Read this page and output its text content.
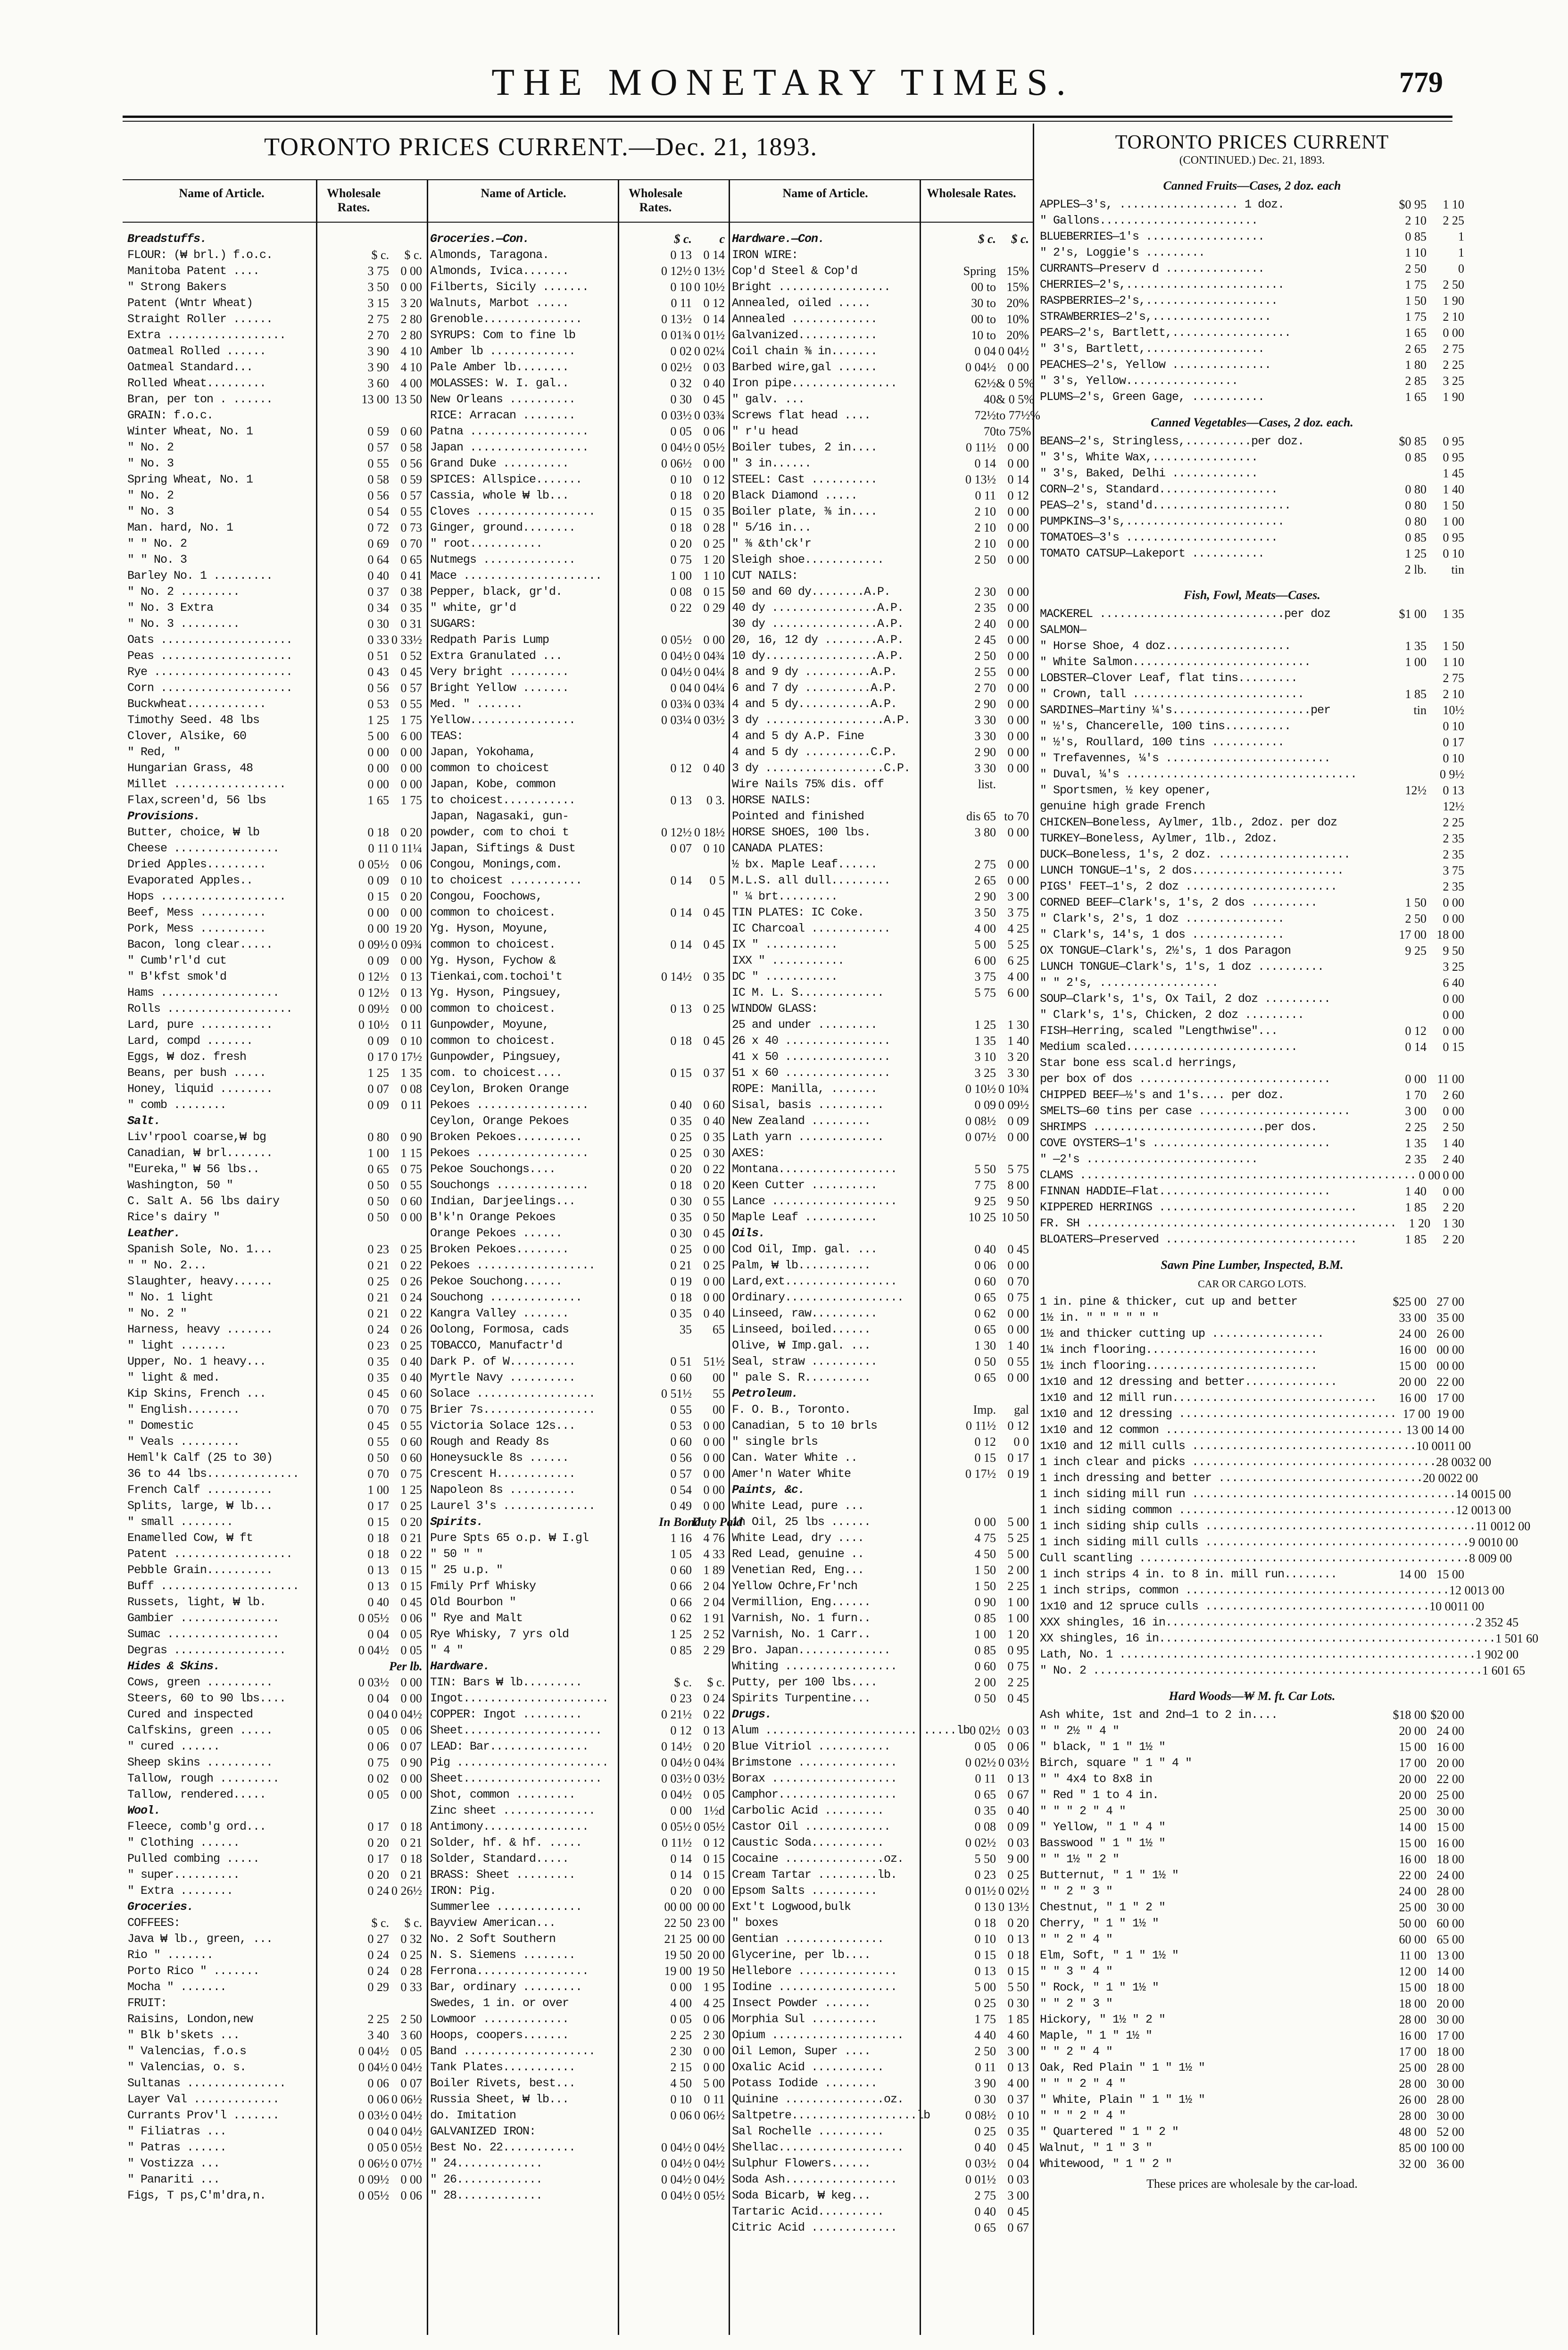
THE MONETARY TIMES.	779
TORONTO PRICES CURRENT.—Dec. 21, 1893.
Name of Article.	Wholesale Rates.
Name of Article.	Wholesale Rates.
Name of Article.	Wholesale Rates.
Breadstuffs.
FLOUR: (₩ brl.) f.o.c.	$ c.	$ c.
Manitoba Patent ....	3 75 0 00
" Strong Bakers	3 50 0 00
Patent (Wntr Wheat)	3 15 3 20
Straight Roller ......	2 75 2 80
Extra ..................	2 70 2 80
Oatmeal Rolled ......	3 90 4 10
Oatmeal Standard...	3 90 4 10
Rolled Wheat.........	3 60 4 00
Bran, per ton . ......	13 00 13 50
GRAIN: f.o.c.
Winter Wheat, No. 1	0 59 0 60
" No. 2	0 57 0 58
" No. 3	0 55 0 56
Spring Wheat, No. 1	0 58 0 59
" No. 2	0 56 0 57
" No. 3	0 54 0 55
Man. hard, No. 1	0 72 0 73
" " No. 2	0 69 0 70
" " No. 3	0 64 0 65
Barley No. 1 .........	0 40 0 41
" No. 2 .........	0 37 0 38
" No. 3 Extra	0 34 0 35
" No. 3 .........	0 30 0 31
Oats ....................	0 33 0 33½
Peas ....................	0 51 0 52
Rye .....................	0 43 0 45
Corn ....................	0 56 0 57
Buckwheat............	0 53 0 55
Timothy Seed. 48 lbs	1 25 1 75
Clover, Alsike, 60	5 00 6 00
" Red, "	0 00 0 00
Hungarian Grass, 48	0 00 0 00
Millet .................	0 00 0 00
Flax,screen'd, 56 lbs	1 65 1 75
Provisions.
Butter, choice, ₩ lb	0 18 0 20
Cheese ................	0 11 0 11¼
Dried Apples.........	0 05½ 0 06
Evaporated Apples..	0 09 0 10
Hops ...................	0 15 0 20
Beef, Mess ..........	0 00 0 00
Pork, Mess ..........	0 00 19 20
Bacon, long clear.....	0 09½ 0 09¾
" Cumb'rl'd cut	0 09 0 00
" B'kfst smok'd	0 12½ 0 13
Hams ..................	0 12½ 0 13
Rolls ...................	0 09½ 0 00
Lard, pure ...........	0 10½ 0 11
Lard, compd .......	0 09 0 10
Eggs, ₩ doz. fresh	0 17 0 17½
Beans, per bush .....	1 25 1 35
Honey, liquid ........	0 07 0 08
" comb ........	0 09 0 11
Salt.
Liv'rpool coarse,₩ bg	0 80 0 90
Canadian, ₩ brl.......	1 00 1 15
"Eureka," ₩ 56 lbs..	0 65 0 75
Washington, 50 "	0 50 0 55
C. Salt A. 56 lbs dairy	0 50 0 60
Rice's dairy "	0 50 0 00
Leather.
Spanish Sole, No. 1...	0 23 0 25
" " No. 2...	0 21 0 22
Slaughter, heavy......	0 25 0 26
" No. 1 light	0 21 0 24
" No. 2 "	0 21 0 22
Harness, heavy .......	0 24 0 26
" light .......	0 23 0 25
Upper, No. 1 heavy...	0 35 0 40
" light & med.	0 35 0 40
Kip Skins, French ...	0 45 0 60
" English........	0 70 0 75
" Domestic	0 45 0 55
" Veals .........	0 55 0 60
Heml'k Calf (25 to 30)	0 50 0 60
36 to 44 lbs..............	0 70 0 75
French Calf ..........	1 00 1 25
Splits, large, ₩ lb...	0 17 0 25
" small ........	0 15 0 20
Enamelled Cow, ₩ ft	0 18 0 21
Patent ..................	0 18 0 22
Pebble Grain..........	0 13 0 15
Buff .....................	0 13 0 15
Russets, light, ₩ lb.	0 40 0 45
Gambier ...............	0 05½ 0 06
Sumac .................	0 04 0 05
Degras .................	0 04½ 0 05
Hides & Skins.	Per lb.
Cows, green ..........	0 03½ 0 00
Steers, 60 to 90 lbs....	0 04 0 00
Cured and inspected	0 04 0 04½
Calfskins, green .....	0 05 0 06
" cured ......	0 06 0 07
Sheep skins ..........	0 75 0 90
Tallow, rough .........	0 02 0 00
Tallow, rendered.....	0 05 0 00
Wool.
Fleece, comb'g ord...	0 17 0 18
" Clothing ......	0 20 0 21
Pulled combing .....	0 17 0 18
" super..........	0 20 0 21
" Extra ........	0 24 0 26½
Groceries.
COFFEES:	$ c.	$ c.
Java ₩ lb., green, ...	0 27 0 32
Rio " .......	0 24 0 25
Porto Rico " .......	0 24 0 28
Mocha " .......	0 29 0 33
FRUIT:
Raisins, London,new	2 25 2 50
" Blk b'skets ...	3 40 3 60
" Valencias, f.o.s	0 04½ 0 05
" Valencias, o. s.	0 04½ 0 04½
Sultanas ...............	0 06 0 07
Layer Val .............	0 06 0 06½
Currants Prov'l .......	0 03½ 0 04½
" Filiatras ...	0 04 0 04½
" Patras ......	0 05 0 05½
" Vostizza ...	0 06½ 0 07½
" Panariti ...	0 09½ 0 00
Figs, T ps,C'm'dra,n.	0 05½ 0 06
Groceries.—Con.	$ c.	c
Almonds, Taragona.	0 13 0 14
Almonds, Ivica.......	0 12½ 0 13½
Filberts, Sicily .......	0 10 0 10½
Walnuts, Marbot .....	0 11 0 12
Grenoble...............	0 13½ 0 14
SYRUPS: Com to fine lb	0 01¾ 0 01½
Amber lb .............	0 02 0 02¼
Pale Amber lb........	0 02½ 0 03
MOLASSES: W. I. gal..	0 32 0 40
New Orleans ..........	0 30 0 45
RICE: Arracan ........	0 03½ 0 03¾
Patna ..................	0 05 0 06
Japan ..................	0 04½ 0 05½
Grand Duke ..........	0 06½ 0 00
SPICES: Allspice.......	0 10 0 12
Cassia, whole ₩ lb...	0 18 0 20
Cloves ..................	0 15 0 35
Ginger, ground........	0 18 0 28
" root...........	0 20 0 25
Nutmegs ..............	0 75 1 20
Mace .....................	1 00 1 10
Pepper, black, gr'd.	0 08 0 15
" white, gr'd	0 22 0 29
SUGARS:
Redpath Paris Lump	0 05½ 0 00
Extra Granulated ...	0 04½ 0 04¾
Very bright .........	0 04½ 0 04¼
Bright Yellow .......	0 04 0 04¼
Med. " .......	0 03¾ 0 03¾
Yellow................	0 03¼ 0 03½
TEAS:
Japan, Yokohama,
common to choicest	0 12 0 40
Japan, Kobe, common
to choicest...........	0 13	0 3.
Japan, Nagasaki, gun-
powder, com to choi t	0 12½ 0 18½
Japan, Siftings & Dust	0 07 0 10
Congou, Monings,com.
to choicest ...........	0 14	0 5
Congou, Foochows,
common to choicest.	0 14 0 45
Yg. Hyson, Moyune,
common to choicest.	0 14 0 45
Yg. Hyson, Fychow &
Tienkai,com.tochoi't	0 14½ 0 35
Yg. Hyson, Pingsuey,
common to choicest.	0 13 0 25
Gunpowder, Moyune,
common to choicest.	0 18 0 45
Gunpowder, Pingsuey,
com. to choicest....	0 15 0 37
Ceylon, Broken Orange
Pekoes .................	0 40 0 60
Ceylon, Orange Pekoes	0 35 0 40
Broken Pekoes..........	0 25 0 35
Pekoes .................	0 25 0 30
Pekoe Souchongs....	0 20 0 22
Souchongs ..............	0 18 0 20
Indian, Darjeelings...	0 30 0 55
B'k'n Orange Pekoes	0 35 0 50
Orange Pekoes ......	0 30 0 45
Broken Pekoes........	0 25 0 00
Pekoes ..................	0 21 0 25
Pekoe Souchong......	0 19 0 00
Souchong ..............	0 18 0 00
Kangra Valley .......	0 35 0 40
Oolong, Formosa, cads	35	65
TOBACCO, Manufactr'd
Dark P. of W..........	0 51 51½
Myrtle Navy ..........	0 60	00
Solace ..................	0 51½	55
Brier 7s.................	0 55	00
Victoria Solace 12s...	0 53 0 00
Rough and Ready 8s	0 60 0 00
Honeysuckle 8s ......	0 56 0 00
Crescent H............	0 57 0 00
Napoleon 8s ..........	0 54 0 00
Laurel 3's ..............	0 49 0 00
Spirits.	In Bond
Duty Paid
Pure Spts 65 o.p. ₩ I.gl	1 16 4 76
" 50 " "	1 05 4 33
" 25 u.p. "	0 60 1 89
Fmily Prf Whisky	0 66 2 04
Old Bourbon "	0 66 2 04
" Rye and Malt	0 62 1 91
Rye Whisky, 7 yrs old	1 25 2 52
" 4 "	0 85 2 29
Hardware.
TIN: Bars ₩ lb.........	$ c.	$ c.
Ingot......................	0 23 0 24
COPPER: Ingot .........	0 21½ 0 22
Sheet.....................	0 12 0 13
LEAD: Bar...............	0 14½ 0 20
Pig .......................	0 04½ 0 04¾
Sheet.....................	0 03½ 0 03½
Shot, common .........	0 04½ 0 05
Zinc sheet ..............	0 00 1½d
Antimony................	0 05½ 0 05½
Solder, hf. & hf. .....	0 11½ 0 12
Solder, Standard.....	0 14 0 15
BRASS: Sheet .........	0 14 0 15
IRON: Pig.	0 20 0 00
Summerlee .............	00 00 00 00
Bayview American...	22 50 23 00
No. 2 Soft Southern	21 25 00 00
N. S. Siemens ........	19 50 20 00
Ferrona.................	19 00 19 50
Bar, ordinary .........	0 00 1 95
Swedes, 1 in. or over	4 00 4 25
Lowmoor .............	0 05 0 06
Hoops, coopers.......	2 25 2 30
Band ....................	2 30 0 00
Tank Plates...........	2 15 0 00
Boiler Rivets, best...	4 50 5 00
Russia Sheet, ₩ lb...	0 10 0 11
do. Imitation	0 06 0 06½
GALVANIZED IRON:
Best No. 22...........	0 04½ 0 04½
" 24.............	0 04½ 0 04½
" 26.............	0 04½ 0 04½
" 28.............	0 04½ 0 05½
Hardware.—Con.	$ c.	$ c.
IRON WIRE:
Cop'd Steel & Cop'd	Spring 15%
Bright .................	00 to 15%
Annealed, oiled .....	30 to 20%
Annealed .............	00 to 10%
Galvanized............	10 to 20%
Coil chain ⅜ in.......	0 04 0 04½
Barbed wire,gal ......	0 04½ 0 00
Iron pipe................	62½ & 0 5%
" galv. ...	40 & 0 5%
Screws flat head ....	72½ to 77½%
" r'u head	70 to 75%
Boiler tubes, 2 in....	0 11½ 0 00
" 3 in......	0 14 0 00
STEEL: Cast ..........	0 13½ 0 14
Black Diamond .....	0 11 0 12
Boiler plate, ⅜ in....	2 10 0 00
" 5/16 in...	2 10 0 00
" ⅜ &th'ck'r	2 10 0 00
Sleigh shoe............	2 50 0 00
CUT NAILS:
50 and 60 dy........A.P.	2 30 0 00
40 dy ................A.P.	2 35 0 00
30 dy ................A.P.	2 40 0 00
20, 16, 12 dy ........A.P.	2 45 0 00
10 dy.................A.P.	2 50 0 00
8 and 9 dy ..........A.P.	2 55 0 00
6 and 7 dy ..........A.P.	2 70 0 00
4 and 5 dy...........A.P.	2 90 0 00
3 dy ..................A.P.	3 30 0 00
4 and 5 dy A.P. Fine	3 30 0 00
4 and 5 dy ..........C.P.	2 90 0 00
3 dy ..................C.P.	3 30 0 00
Wire Nails 75% dis. off	list.
HORSE NAILS:
Pointed and finished	dis 65 to 70
HORSE SHOES, 100 lbs.	3 80 0 00
CANADA PLATES:
½ bx. Maple Leaf......	2 75 0 00
M.L.S. all dull.........	2 65 0 00
" ¼ brt.........	2 90 3 00
TIN PLATES: IC Coke.	3 50 3 75
IC Charcoal ............	4 00 4 25
IX " ...........	5 00 5 25
IXX " ...........	6 00 6 25
DC " ...........	3 75 4 00
IC M. L. S.............	5 75 6 00
WINDOW GLASS:
25 and under .........	1 25 1 30
26 x 40 ................	1 35 1 40
41 x 50 ................	3 10 3 20
51 x 60 ................	3 25 3 30
ROPE: Manilla, .......	0 10½ 0 10¾
Sisal, basis ..........	0 09 0 09½
New Zealand .........	0 08½ 0 09
Lath yarn .............	0 07½ 0 00
AXES:
Montana..................	5 50 5 75
Keen Cutter ..........	7 75 8 00
Lance ...................	9 25 9 50
Maple Leaf ...........	10 25 10 50
Oils.
Cod Oil, Imp. gal. ...	0 40 0 45
Palm, ₩ lb...........	0 06 0 00
Lard,ext.................	0 60 0 70
Ordinary..................	0 65 0 75
Linseed, raw..........	0 62 0 00
Linseed, boiled......	0 65 0 00
Olive, ₩ Imp.gal. ...	1 30 1 40
Seal, straw ..........	0 50 0 55
" pale S. R..........	0 65 0 00
Petroleum.
F. O. B., Toronto.	Imp.	gal
Canadian, 5 to 10 brls	0 11½ 0 12
" single brls	0 12	0 0
Can. Water White ..	0 15 0 17
Amer'n Water White	0 17½ 0 19
Paints, &c.
White Lead, pure ...
in Oil, 25 lbs ......	0 00 5 00
White Lead, dry ....	4 75 5 25
Red Lead, genuine ..	4 50 5 00
Venetian Red, Eng...	1 50 2 00
Yellow Ochre,Fr'nch	1 50 2 25
Vermillion, Eng......	0 90 1 00
Varnish, No. 1 furn..	0 85 1 00
Varnish, No. 1 Carr..	1 00 1 20
Bro. Japan..............	0 85 0 95
Whiting .................	0 60 0 75
Putty, per 100 lbs....	2 00 2 25
Spirits Turpentine...	0 50 0 45
Drugs.
Alum .............................lb 0 02½ 0 03
Blue Vitriol ...........	0 05 0 06
Brimstone ...............	0 02½ 0 03½
Borax ...................	0 11 0 13
Camphor..................	0 65 0 67
Carbolic Acid .........	0 35 0 40
Castor Oil .............	0 08 0 09
Caustic Soda...........	0 02½ 0 03
Cocaine ...............oz.	5 50 9 00
Cream Tartar .........lb.	0 23 0 25
Epsom Salts ..........	0 01½ 0 02½
Ext't Logwood,bulk	0 13 0 13½
" boxes	0 18 0 20
Gentian ...............	0 10 0 13
Glycerine, per lb....	0 15 0 18
Hellebore ...............	0 13 0 15
Iodine ..................	5 00 5 50
Insect Powder .......	0 25 0 30
Morphia Sul ..........	1 75 1 85
Opium ....................	4 40 4 60
Oil Lemon, Super ....	2 50 3 00
Oxalic Acid ...........	0 11 0 13
Potass Iodide ........	3 90 4 00
Quinine ...............oz.	0 30 0 37
Saltpetre...................lb	0 08½ 0 10
Sal Rochelle ..........	0 25 0 35
Shellac...................	0 40 0 45
Sulphur Flowers......	0 03½ 0 04
Soda Ash.................	0 01½ 0 03
Soda Bicarb, ₩ keg...	2 75 3 00
Tartaric Acid..........	0 40 0 45
Citric Acid .............	0 65 0 67
TORONTO PRICES CURRENT
(CONTINUED.) Dec. 21, 1893.
Canned Fruits—Cases, 2 doz. each
APPLES—3's, .................. 1 doz.	$0 95	1 10
" Gallons........................	2 10	2 25
BLUEBERRIES—1's ..................	0 85	1
" 2's, Loggie's .........	1 10	1
CURRANTS—Preserv d ...............	2 50	0
CHERRIES—2's,........................	1 75	2 50
RASPBERRIES—2's,....................	1 50	1 90
STRAWBERRIES—2's,..................	1 75	2 10
PEARS—2's, Bartlett,..................	1 65	0 00
" 3's, Bartlett,..................	2 65	2 75
PEACHES—2's, Yellow ...............	1 80	2 25
" 3's, Yellow.................	2 85	3 25
PLUMS—2's, Green Gage, ...........	1 65	1 90
Canned Vegetables—Cases, 2 doz. each.
BEANS—2's, Stringless,..........per doz.	$0 85	0 95
" 3's, White Wax,................	0 85	0 95
" 3's, Baked, Delhi .............	1 45
CORN—2's, Standard..................	0 80	1 40
PEAS—2's, stand'd.....................	0 80	1 50
PUMPKINS—3's,........................	0 80	1 00
TOMATOES—3's .......................	0 85	0 95
TOMATO CATSUP—Lakeport ...........	1 25	0 10
2 lb.	tin
Fish, Fowl, Meats—Cases.
MACKEREL ............................per doz	$1 00	1 35
SALMON—
" Horse Shoe, 4 doz...................	1 35	1 50
" White Salmon...........................	1 00	1 10
LOBSTER—Clover Leaf, flat tins.........	2 75
" Crown, tall ..........................	1 85	2 10
SARDINES—Martiny ¼'s.....................per	tin	10½
" ½'s, Chancerelle, 100 tins..........	0 10
" ½'s, Roullard, 100 tins ...........	0 17
" Trefavennes, ¼'s .........................	0 10
" Duval, ¼'s ...................................	0 9½
" Sportsmen, ½ key opener,	12½	0 13
genuine high grade French	12½
CHICKEN—Boneless, Aylmer, 1lb., 2doz. per doz	2 25
TURKEY—Boneless, Aylmer, 1lb., 2doz.	2 35
DUCK—Boneless, 1's, 2 doz. ....................	2 35
LUNCH TONGUE—1's, 2 dos.......................	3 75
PIGS' FEET—1's, 2 doz .......................	2 35
CORNED BEEF—Clark's, 1's, 2 dos ..........	1 50	0 00
" Clark's, 2's, 1 doz ...............	2 50	0 00
" Clark's, 14's, 1 dos ..............	17 00 18 00
OX TONGUE—Clark's, 2½'s, 1 dos Paragon	9 25	9 50
LUNCH TONGUE—Clark's, 1's, 1 doz ..........	3 25
" " 2's, ..................	6 40
SOUP—Clark's, 1's, Ox Tail, 2 doz ..........	0 00
" Clark's, 1's, Chicken, 2 doz .........	0 00
FISH—Herring, scaled "Lengthwise"...	0 12	0 00
Medium scaled..........................	0 14	0 15
Star bone ess scal.d herrings,
per box of dos .............................	0 00 11 00
CHIPPED BEEF—½'s and 1's.... per doz.	1 70	2 60
SMELTS—60 tins per case .......................	3 00	0 00
SHRIMPS ..........................per dos.	2 25	2 50
COVE OYSTERS—1's ...........................	1 35	1 40
" —2's ..........................	2 35	2 40
CLAMS ................................................... 0 00 0 00
FINNAN HADDIE—Flat..........................	1 40	0 00
KIPPERED HERRINGS ..............................	1 85	2 20
FR. SH ...............................................	1 20	1 30
BLOATERS—Preserved .............................	1 85	2 20
Sawn Pine Lumber, Inspected, B.M.
CAR OR CARGO LOTS.
1 in. pine & thicker, cut up and better	$25 00 27 00
1½ in. " " " " " "	33 00 35 00
1½ and thicker cutting up .................	24 00 26 00
1¼ inch flooring..........................	16 00 00 00
1½ inch flooring..........................	15 00 00 00
1x10 and 12 dressing and better..............	20 00 22 00
1x10 and 12 mill run...............................	16 00 17 00
1x10 and 12 dressing ................................. 17 00 19 00
1x10 and 12 common .................................... 13 00 14 00
1x10 and 12 mill culls .................................. 10 00 11 00
1 inch clear and picks ..................................... 28 00 32 00
1 inch dressing and better ............................... 20 00 22 00
1 inch siding mill run ........................................ 14 00 15 00
1 inch siding common .......................................... 12 00 13 00
1 inch siding ship culls ......................................... 11 00 12 00
1 inch siding mill culls ........................................ 9 00 10 00
Cull scantling .................................................. 8 00 9 00
1 inch strips 4 in. to 8 in. mill run........	14 00 15 00
1 inch strips, common ........................................ 12 00 13 00
1x10 and 12 spruce culls .................................. 10 00 11 00
XXX shingles, 16 in............................................... 2 35 2 45
XX shingles, 16 in................................................... 1 50 1 60
Lath, No. 1 ...................................................... 1 90 2 00
" No. 2 ........................................................... 1 60 1 65
Hard Woods—₩ M. ft. Car Lots.
Ash white, 1st and 2nd—1 to 2 in....	$18 00 $20 00
" " 2½ " 4 "	20 00 24 00
" black, " 1 " 1½ "	15 00 16 00
Birch, square " 1 " 4 "	17 00 20 00
" " 4x4 to 8x8 in	20 00 22 00
" Red " 1 to 4 in.	20 00 25 00
" " " 2 " 4 "	25 00 30 00
" Yellow, " 1 " 4 "	14 00 15 00
Basswood " 1 " 1½ "	15 00 16 00
" " 1½ " 2 "	16 00 18 00
Butternut, " 1 " 1½ "	22 00 24 00
" " 2 " 3 "	24 00 28 00
Chestnut, " 1 " 2 "	25 00 30 00
Cherry, " 1 " 1½ "	50 00 60 00
" " 2 " 4 "	60 00 65 00
Elm, Soft, " 1 " 1½ "	11 00 13 00
" " 3 " 4 "	12 00 14 00
" Rock, " 1 " 1½ "	15 00 18 00
" " 2 " 3 "	18 00 20 00
Hickory, " 1½ " 2 "	28 00 30 00
Maple, " 1 " 1½ "	16 00 17 00
" " 2 " 4 "	17 00 18 00
Oak, Red Plain " 1 " 1½ "	25 00 28 00
" " " 2 " 4 "	28 00 30 00
" White, Plain " 1 " 1½ "	26 00 28 00
" " " 2 " 4 "	28 00 30 00
" Quartered " 1 " 2 "	48 00 52 00
Walnut, " 1 " 3 "	85 00 100 00
Whitewood, " 1 " 2 "	32 00 36 00
These prices are wholesale by the car-load.
